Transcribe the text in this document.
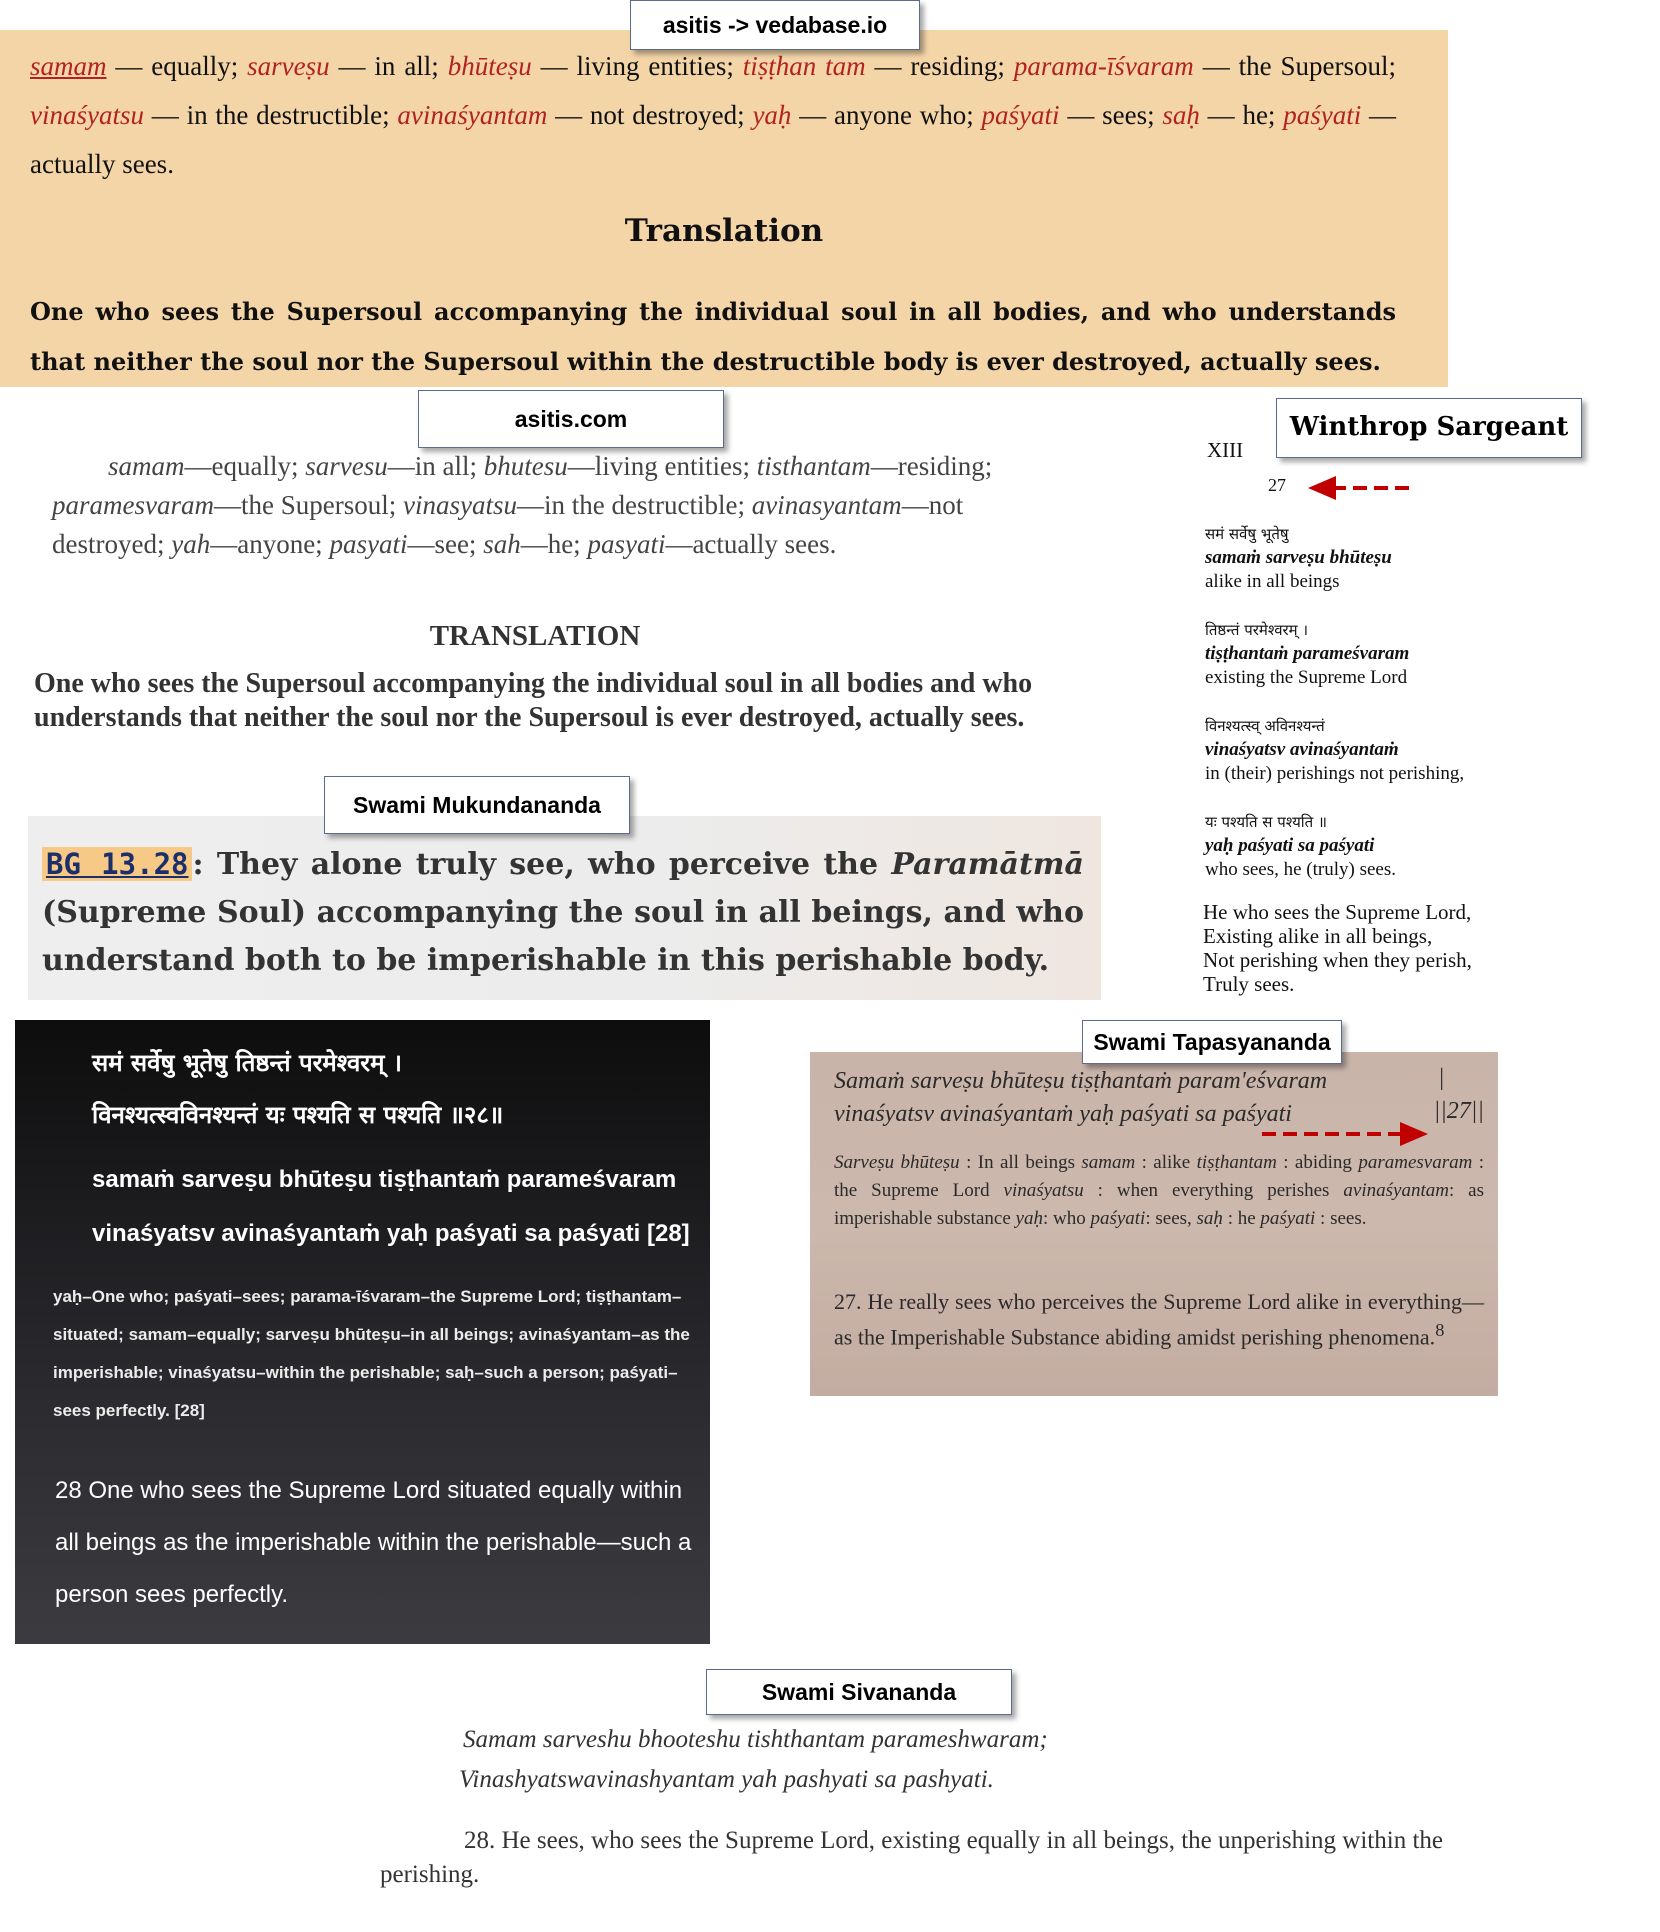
samam — equally; sarveṣu — in all; bhūteṣu — living entities; tiṣṭhan tam — residing; parama-īśvaram — the Supersoul; vinaśyatsu — in the destructible; avinaśyantam — not destroyed; yaḥ — anyone who; paśyati — sees; saḥ — he; paśyati — actually sees.
Translation
One who sees the Supersoul accompanying the individual soul in all bodies, and who understands that neither the soul nor the Supersoul within the destructible body is ever destroyed, actually sees.
asitis -> vedabase.io
samam—equally; sarvesu—in all; bhutesu—living entities; tisthantam—residing; paramesvaram—the Supersoul; vinasyatsu—in the destructible; avinasyantam—not destroyed; yah—anyone; pasyati—see; sah—he; pasyati—actually sees.
TRANSLATION
One who sees the Supersoul accompanying the individual soul in all bodies and who understands that neither the soul nor the Supersoul is ever destroyed, actually sees.
asitis.com
BG 13.28 : They alone truly see, who perceive the Paramātmā (Supreme Soul) accompanying the soul in all beings, and who understand both to be imperishable in this perishable body.
Swami Mukundananda
Winthrop Sargeant
XIII
27
समं सर्वेषु भूतेषु
samaṁ sarveṣu bhūteṣu
alike in all beings
तिष्ठन्तं परमेश्वरम् ।
tiṣṭhantaṁ parameśvaram
existing the Supreme Lord
विनश्यत्स्व् अविनश्यन्तं
vinaśyatsv avinaśyantaṁ
in (their) perishings not perishing,
यः पश्यति स पश्यति ॥
yaḥ paśyati sa paśyati
who sees, he (truly) sees.
He who sees the Supreme Lord,
Existing alike in all beings,
Not perishing when they perish,
Truly sees.
समं सर्वेषु भूतेषु तिष्ठन्तं परमेश्वरम् ।
विनश्यत्स्वविनश्यन्तं यः पश्यति स पश्यति ॥२८॥
samaṁ sarveṣu bhūteṣu tiṣṭhantaṁ parameśvaram
vinaśyatsv avinaśyantaṁ yaḥ paśyati sa paśyati [28]
yaḥ–One who; paśyati–sees; parama-īśvaram–the Supreme Lord; tiṣṭhantam–situated; samam–equally; sarveṣu bhūteṣu–in all beings; avinaśyantam–as the imperishable; vinaśyatsu–within the perishable; saḥ–such a person; paśyati–sees perfectly. [28]
28 One who sees the Supreme Lord situated equally within all beings as the imperishable within the perishable—such a person sees perfectly.
Samaṁ sarveṣu bhūteṣu tiṣṭhantaṁ param'eśvaram
vinaśyatsv avinaśyantaṁ yaḥ paśyati sa paśyati
|
||27||
Sarveṣu bhūteṣu : In all beings samam : alike tiṣṭhantam : abiding paramesvaram : the Supreme Lord vinaśyatsu : when everything perishes avinaśyantam: as imperishable substance yaḥ: who paśyati: sees, saḥ : he paśyati : sees.
27. He really sees who perceives the Supreme Lord alike in everything—as the Imperishable Substance abiding amidst perishing phenomena.$^8$
Swami Tapasyananda
Swami Sivananda
Samam sarveshu bhooteshu tishthantam parameshwaram;
Vinashyatswavinashyantam yah pashyati sa pashyati.
28. He sees, who sees the Supreme Lord, existing equally in all beings, the unperishing within the perishing.
